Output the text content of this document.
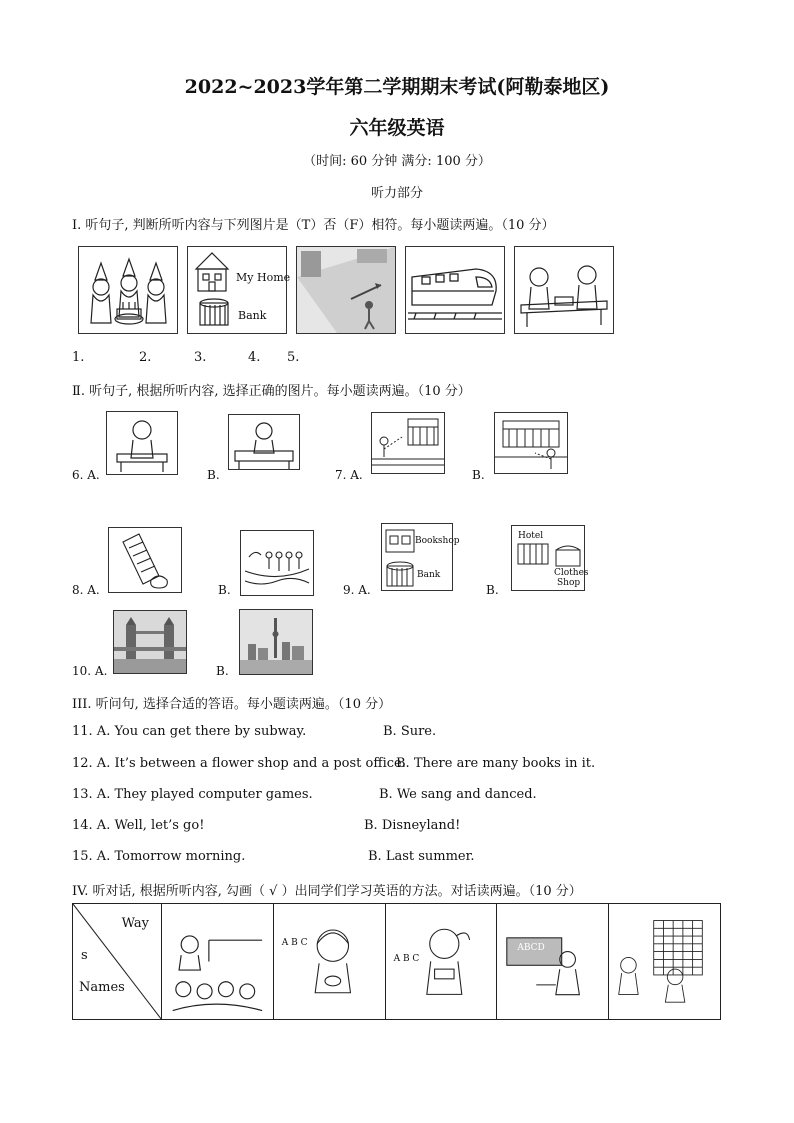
2022~2023学年第二学期期末考试(阿勒泰地区)
六年级英语
（时间: 60 分钟 满分: 100 分）
听力部分
I. 听句子, 判断所听内容与下列图片是（T）否（F）相符。每小题读两遍。（10 分）
My Home
Bank
1.	2.	3.	4. 5.
Ⅱ. 听句子, 根据所听内容, 选择正确的图片。每小题读两遍。（10 分）
6. A.	B.	7. A.	B.
8. A.	B.	9. A.
Bookshop
Bank
B.
Hotel
Clothes
Shop
10. A.	B.
III. 听问句, 选择合适的答语。每小题读两遍。（10 分）
11. A. You can get there by subway.	B. Sure.
12. A. It’s between a flower shop and a post office.
B. There are many books in it.
13. A. They played computer games.	B. We sang and danced.
14. A. Well, let’s go!	B. Disneyland!
15. A. Tomorrow morning.	B. Last summer.
IV. 听对话, 根据所听内容, 勾画（ √ ）出同学们学习英语的方法。对话读两遍。（10 分）
Way
s
Names

A B C

A B C

ABCD
